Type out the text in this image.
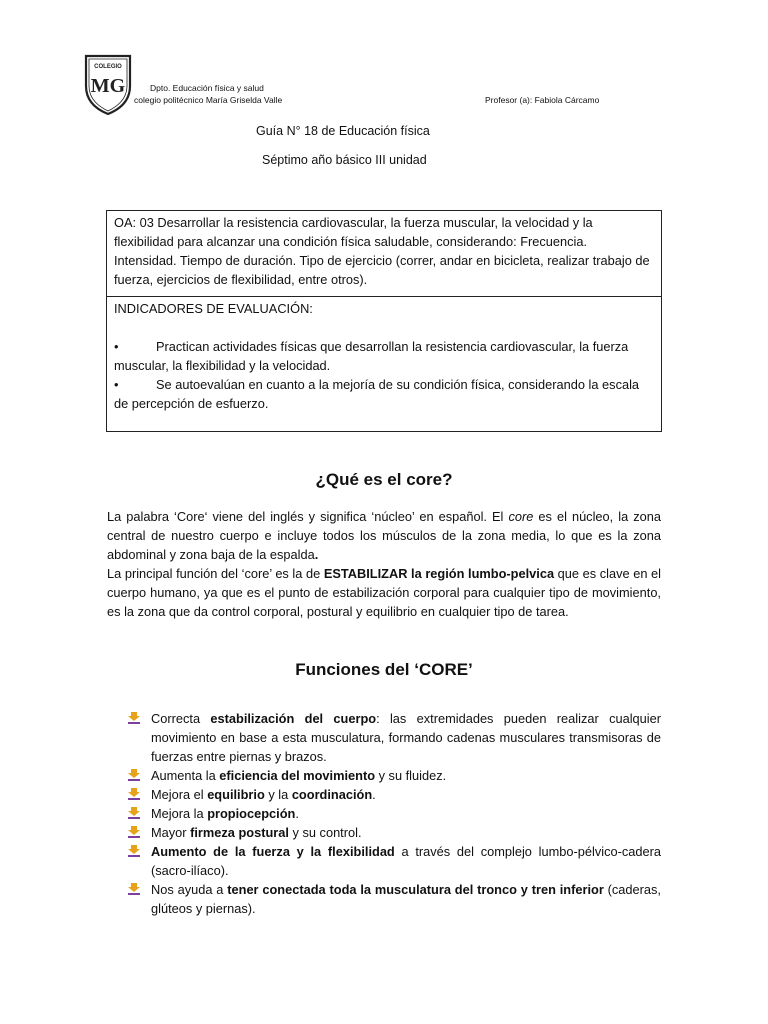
COLEGIO
MG	Dpto. Educación física y salud
colegio politécnico María Griselda Valle	Profesor (a): Fabiola Cárcamo
Guía N° 18 de Educación física
Séptimo año básico III unidad
OA: 03 Desarrollar la resistencia cardiovascular, la fuerza muscular, la velocidad y la flexibilidad para alcanzar una condición física saludable, considerando: Frecuencia. Intensidad. Tiempo de duración. Tipo de ejercicio (correr, andar en bicicleta, realizar trabajo de fuerza, ejercicios de flexibilidad, entre otros).
INDICADORES DE EVALUACIÓN:
•	Practican actividades físicas que desarrollan la resistencia cardiovascular, la fuerza muscular, la flexibilidad y la velocidad.
•	Se autoevalúan en cuanto a la mejoría de su condición física, considerando la escala de percepción de esfuerzo.
¿Qué es el core?
La palabra ‘Core‘ viene del inglés y significa ‘núcleo’ en español. El core es el núcleo, la zona central de nuestro cuerpo e incluye todos los músculos de la zona media, lo que es la zona abdominal y zona baja de la espalda.
La principal función del ‘core’ es la de ESTABILIZAR la región lumbo-pelvica que es clave en el cuerpo humano, ya que es el punto de estabilización corporal para cualquier tipo de movimiento, es la zona que da control corporal, postural y equilibrio en cualquier tipo de tarea.
Funciones del ‘CORE’
Correcta estabilización del cuerpo: las extremidades pueden realizar cualquier movimiento en base a esta musculatura, formando cadenas musculares transmisoras de fuerzas entre piernas y brazos.
Aumenta la eficiencia del movimiento y su fluidez.
Mejora el equilibrio y la coordinación.
Mejora la propiocepción.
Mayor firmeza postural y su control.
Aumento de la fuerza y la flexibilidad a través del complejo lumbo-pélvico-cadera (sacro-ilíaco).
Nos ayuda a tener conectada toda la musculatura del tronco y tren inferior (caderas, glúteos y piernas).
